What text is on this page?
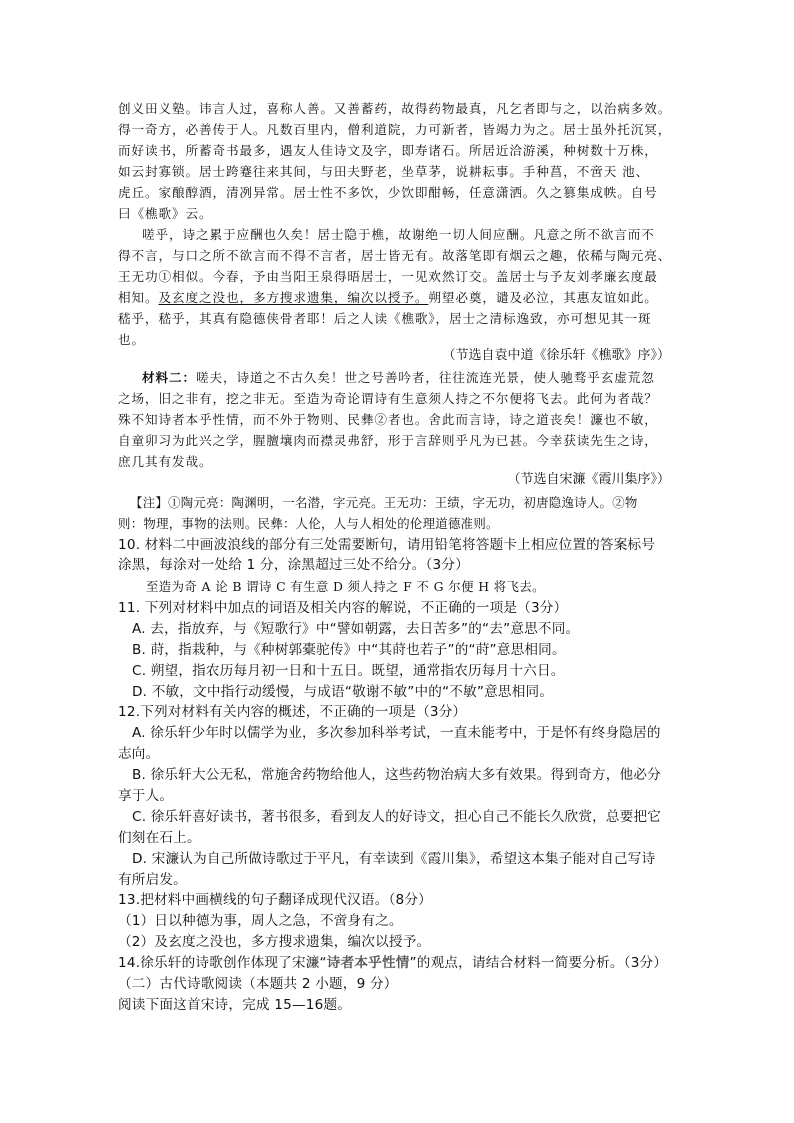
创义田义塾。讳言人过，喜称人善。又善蓄药，故得药物最真，凡乞者即与之，以治病多效。
得一奇方，必善传于人。凡数百里内，僧利道院，力可新者，皆竭力为之。居士虽外托沉冥，
而好读书，所蓄奇书最多，遇友人佳诗文及字，即寿诸石。所居近洽游溪，种树数十万株，
如云封寡锁。居士跨蹇往来其间，与田夫野老，坐草茅，说耕耘事。手种菖，不啻天 池、
虎丘。家酿醇酒，清冽异常。居士性不多饮，少饮即酣畅，任意潇洒。久之篡集成帙。自号
曰《樵歌》云。
嗟乎，诗之累于应酬也久矣！居士隐于樵，故谢绝一切人间应酬。凡意之所不欲言而不
得不言，与口之所不欲言而不得不言者，居士皆无有。故落笔即有烟云之趣，依稀与陶元亮、
王无功①相似。今春，予由当阳王泉得晤居士，一见欢然订交。盖居士与予友刘孝廉玄度最
相知。及玄度之没也，多方搜求遗集，编次以授予。朔望必奠，谴及必泣，其惠友谊如此。
嵇乎，嵇乎，其真有隐德侠骨者耶！后之人读《樵歌》，居士之清标逸致，亦可想见其一斑
也。
（节选自袁中道《徐乐轩《樵歌》序》）
材料二：嗟夫，诗道之不古久矣！世之号善吟者，往往流连光景，使人驰骛乎玄虚荒忽
之场，旧之非有，挖之非无。至造为奇论谓诗有生意须人持之不尔便将飞去。此何为者哉？
殊不知诗者本乎性情，而不外于物则、民彝②者也。舍此而言诗，诗之道丧矣！濂也不敏，
自童卯习为此兴之学，腥膻壤肉而襟灵弗舒，形于言辞则乎凡为已甚。今幸获读先生之诗，
庶几其有发哉。
（节选自宋濂《霞川集序》）
【注】①陶元亮：陶渊明，一名潜，字元亮。王无功：王绩，字无功，初唐隐逸诗人。②物
则：物理，事物的法则。民彝：人伦，人与人相处的伦理道德准则。
10. 材料二中画波浪线的部分有三处需要断句，请用铅笔将答题卡上相应位置的答案标号
涂黑，每涂对一处给 1 分，涂黑超过三处不给分。（3分）
至造为奇 A 论 B 谓诗 C 有生意 D 须人持之 F 不 G 尔便 H 将飞去。
11. 下列对材料中加点的词语及相关内容的解说，不正确的一项是（3分）
A. 去，指放弃，与《短歌行》中“譬如朝露，去日苦多”的“去”意思不同。
B. 莳，指栽种，与《种树郭橐驼传》中“其莳也若子”的“莳”意思相同。
C. 朔望，指农历每月初一日和十五日。既望，通常指农历每月十六日。
D. 不敏，文中指行动缓慢，与成语“敬谢不敏”中的“不敏”意思相同。
12.下列对材料有关内容的概述，不正确的一项是（3分）
A. 徐乐轩少年时以儒学为业，多次参加科举考试，一直未能考中，于是怀有终身隐居的
志向。
B. 徐乐轩大公无私，常施舍药物给他人，这些药物治病大多有效果。得到奇方，他必分
享于人。
C. 徐乐轩喜好读书，著书很多，看到友人的好诗文，担心自己不能长久欣赏，总要把它
们刻在石上。
D. 宋濂认为自己所做诗歌过于平凡，有幸读到《霞川集》，希望这本集子能对自己写诗
有所启发。
13.把材料中画横线的句子翻译成现代汉语。（8分）
（1）日以种德为事，周人之急，不啻身有之。
（2）及玄度之没也，多方搜求遗集，编次以授予。
14.徐乐轩的诗歌创作体现了宋濂“诗者本乎性情”的观点，请结合材料一简要分析。（3分）
（二）古代诗歌阅读（本题共 2 小题，9 分）
阅读下面这首宋诗，完成 15—16题。
